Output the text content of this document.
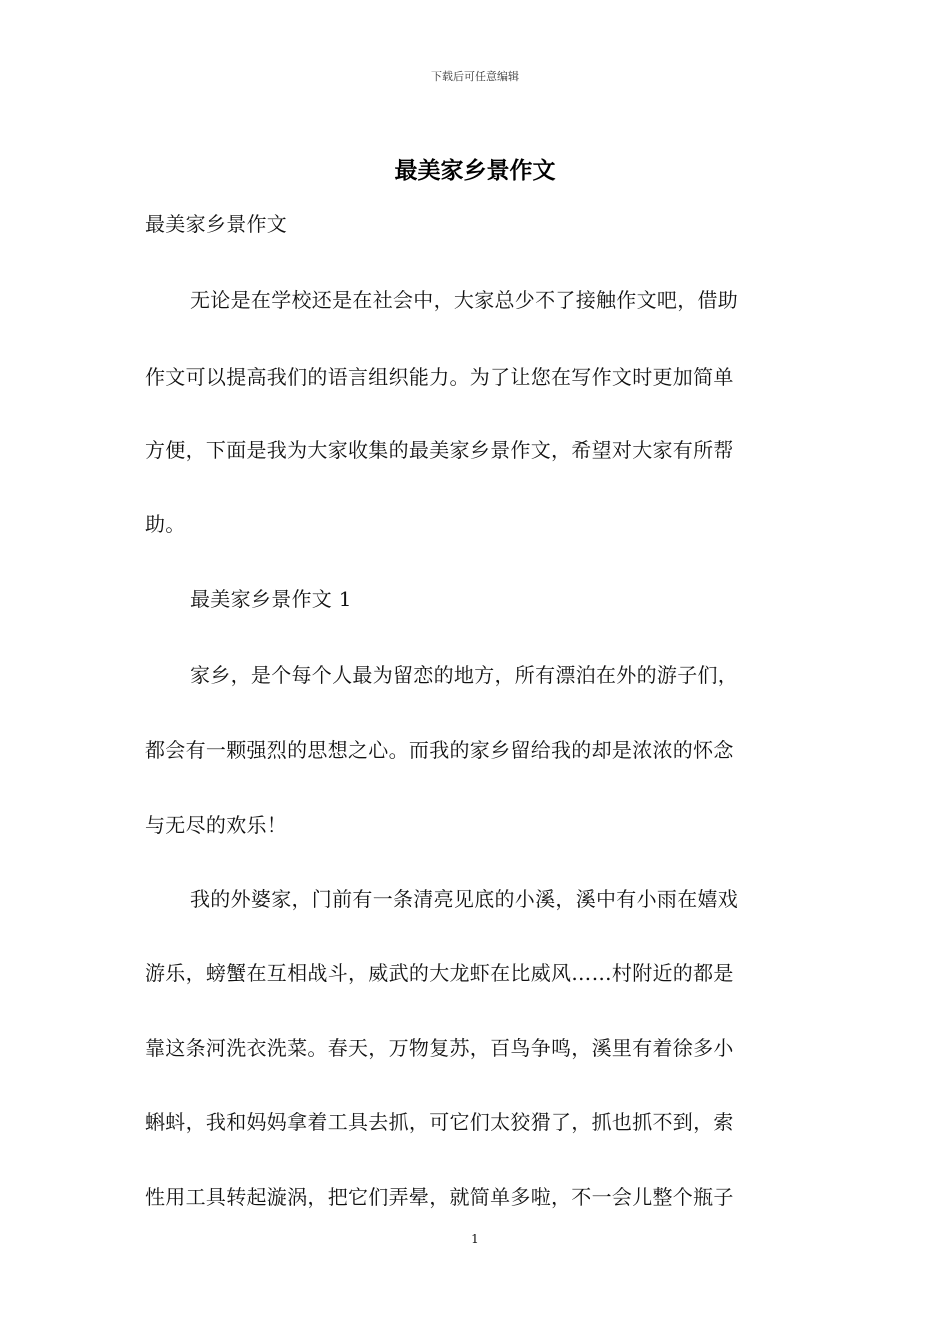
下载后可任意编辑
最美家乡景作文
最美家乡景作文
无论是在学校还是在社会中，大家总少不了接触作文吧，借助
作文可以提高我们的语言组织能力。为了让您在写作文时更加简单
方便，下面是我为大家收集的最美家乡景作文，希望对大家有所帮
助。
最美家乡景作文 1
家乡，是个每个人最为留恋的地方，所有漂泊在外的游子们，
都会有一颗强烈的思想之心。而我的家乡留给我的却是浓浓的怀念
与无尽的欢乐！
我的外婆家，门前有一条清亮见底的小溪，溪中有小雨在嬉戏
游乐，螃蟹在互相战斗，威武的大龙虾在比威风……村附近的都是
靠这条河洗衣洗菜。春天，万物复苏，百鸟争鸣，溪里有着徐多小
蝌蚪，我和妈妈拿着工具去抓，可它们太狡猾了，抓也抓不到，索
性用工具转起漩涡，把它们弄晕，就简单多啦，不一会儿整个瓶子
1
